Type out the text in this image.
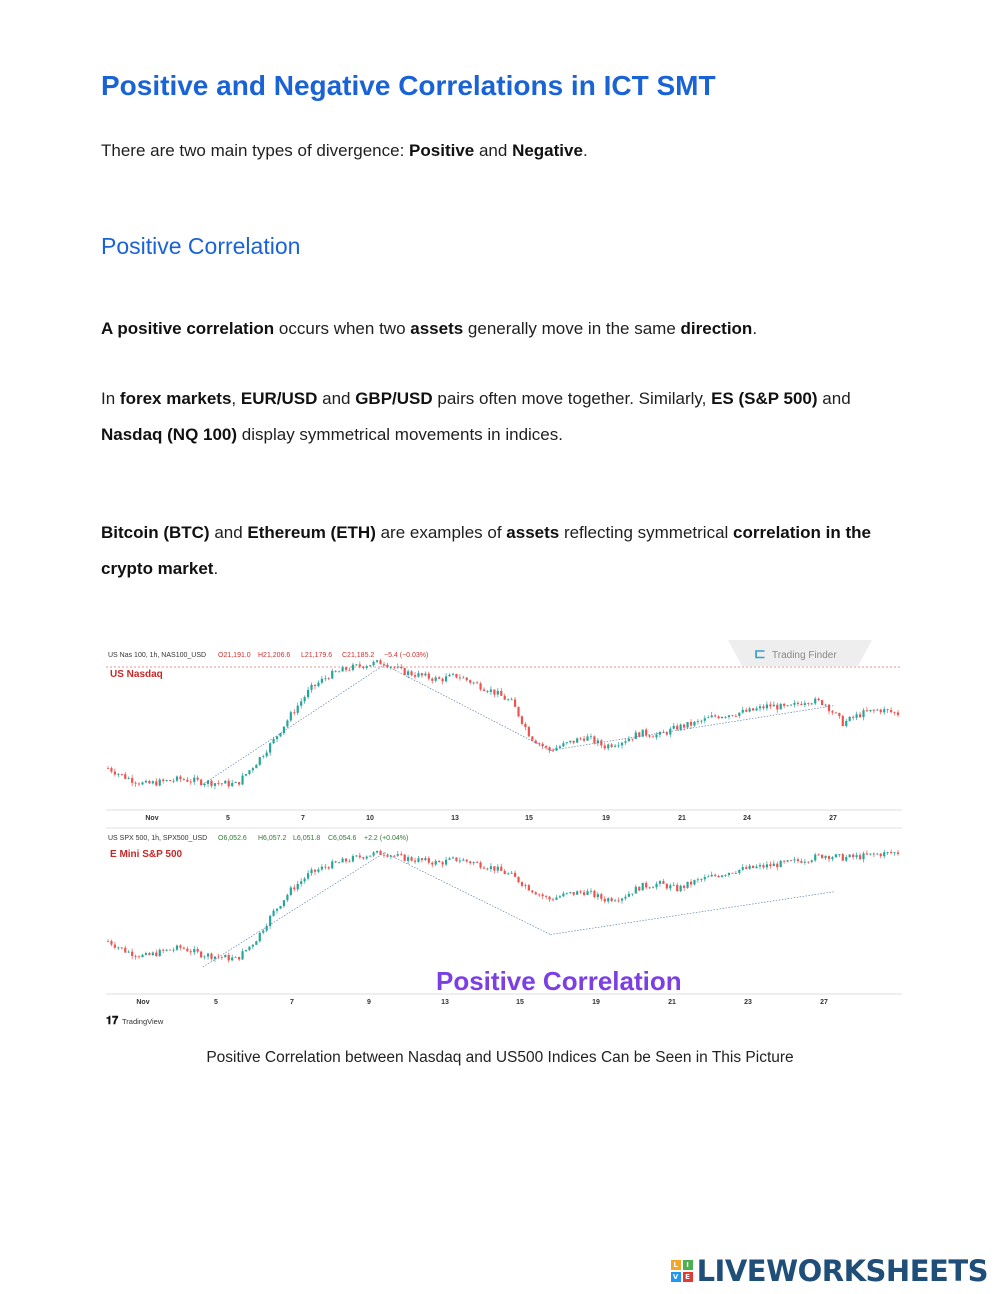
Positive and Negative Correlations in ICT SMT

There are two main types of divergence: Positive and Negative.

Positive Correlation

A positive correlation occurs when two assets generally move in the same direction.

In forex markets, EUR/USD and GBP/USD pairs often move together. Similarly, ES (S&P 500) and Nasdaq (NQ 100) display symmetrical movements in indices.

Bitcoin (BTC) and Ethereum (ETH) are examples of assets reflecting symmetrical correlation in the crypto market.

⊏ Trading Finder
US Nas 100, 1h, NAS100_USD O21,191.0 H21,206.6 L21,179.6 C21,185.2 −5.4 (−0.03%)
US Nasdaq
Nov	5	7	10	13	15	19	21	24	27
US SPX 500, 1h, SPX500_USD O6,052.6 H6,057.2 L6,051.8 C6,054.6 +2.2 (+0.04%)
E Mini S&P 500
Nov	5	7	9	13	15	19	21	23	27
Positive Correlation
𝟏𝟕 TradingView
Positive Correlation between Nasdaq and US500 Indices Can be Seen in This Picture
L	I
V E LIVEWORKSHEETS
